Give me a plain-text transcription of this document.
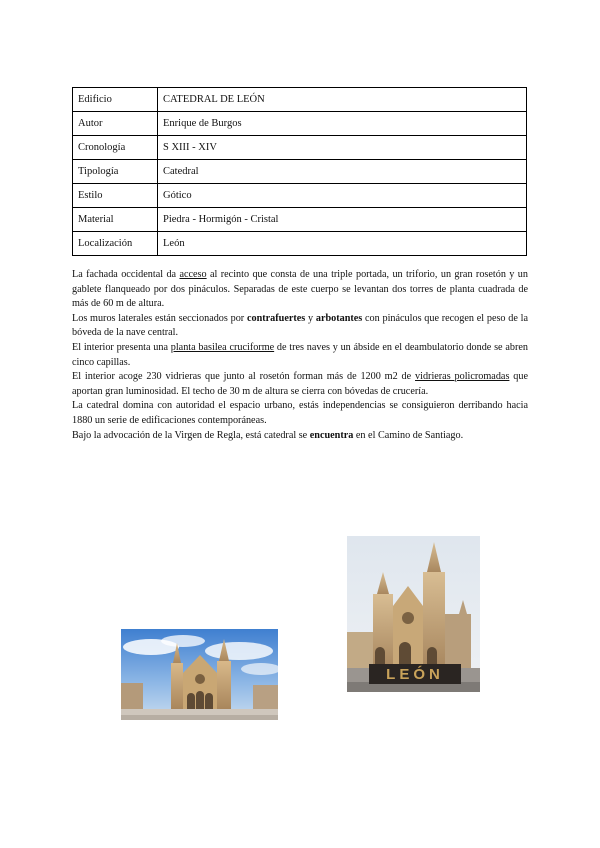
Edificio	CATEDRAL DE LEÓN
Autor	Enrique de Burgos
Cronología	S XIII - XIV
Tipología	Catedral
Estilo	Gótico
Material	Piedra - Hormigón - Cristal
Localización	León

La fachada occidental da acceso al recinto que consta de una triple portada, un triforio, un gran rosetón y un gablete flanqueado por dos pináculos. Separadas de este cuerpo se levantan dos torres de planta cuadrada de más de 60 m de altura.

Los muros laterales están seccionados por contrafuertes y arbotantes con pináculos que recogen el peso de la bóveda de la nave central.

El interior presenta una planta basilea cruciforme de tres naves y un ábside en el deambulatorio donde se abren cinco capillas.

El interior acoge 230 vidrieras que junto al rosetón forman más de 1200 m2 de vidrieras policromadas que aportan gran luminosidad. El techo de 30 m de altura se cierra con bóvedas de crucería.

La catedral domina con autoridad el espacio urbano, estás independencias se consiguieron derribando hacia 1880 un serie de edificaciones contemporáneas.

Bajo la advocación de la Virgen de Regla, está catedral se encuentra en el Camino de Santiago.

LEÓN
